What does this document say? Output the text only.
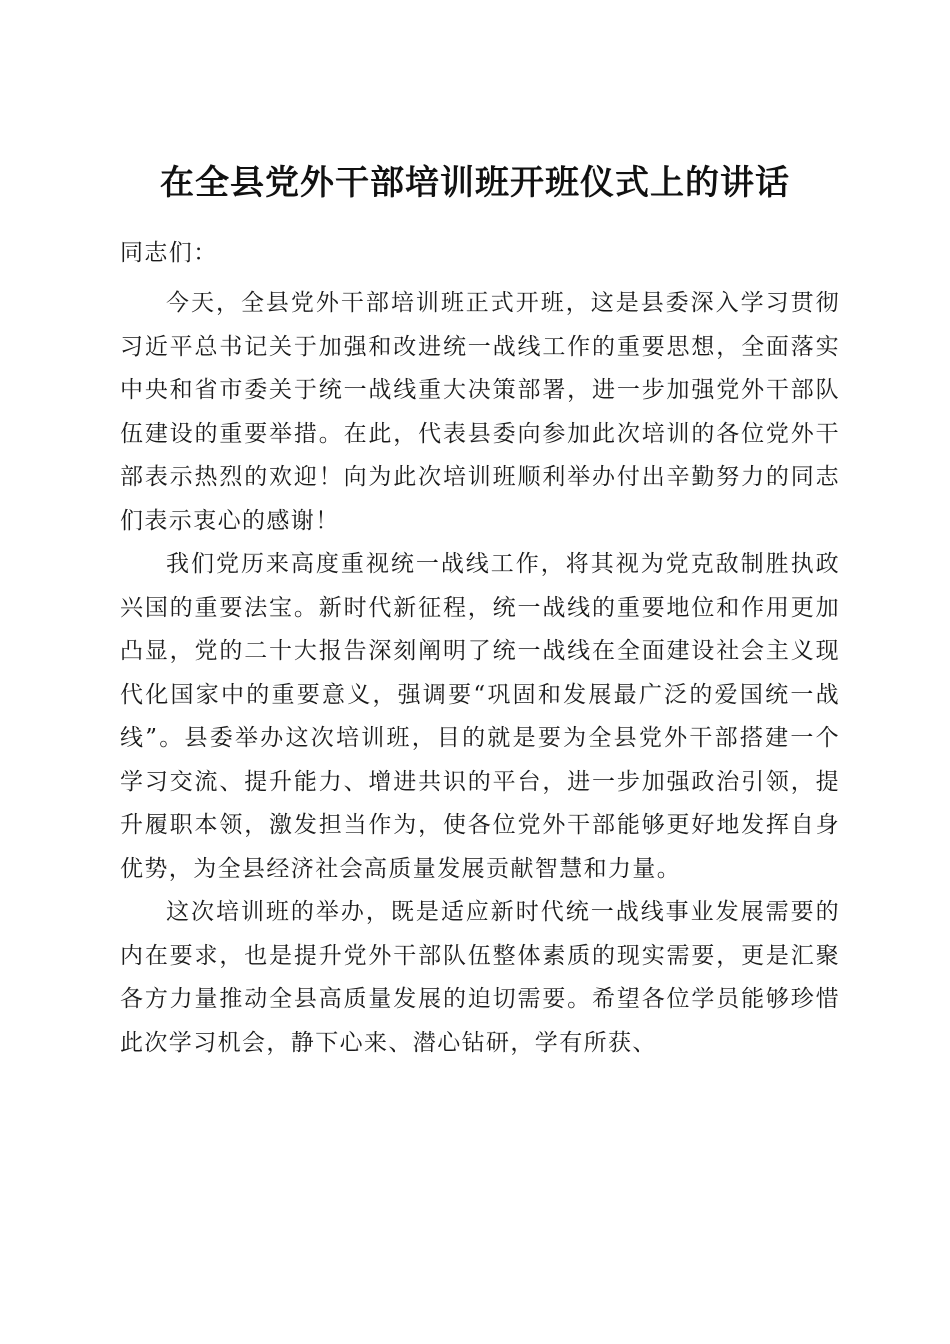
在全县党外干部培训班开班仪式上的讲话

同志们：

今天，全县党外干部培训班正式开班，这是县委深入学习贯彻习近平总书记关于加强和改进统一战线工作的重要思想，全面落实中央和省市委关于统一战线重大决策部署，进一步加强党外干部队伍建设的重要举措。在此，代表县委向参加此次培训的各位党外干部表示热烈的欢迎！向为此次培训班顺利举办付出辛勤努力的同志们表示衷心的感谢！

我们党历来高度重视统一战线工作，将其视为党克敌制胜执政兴国的重要法宝。新时代新征程，统一战线的重要地位和作用更加凸显，党的二十大报告深刻阐明了统一战线在全面建设社会主义现代化国家中的重要意义，强调要“巩固和发展最广泛的爱国统一战线”。县委举办这次培训班，目的就是要为全县党外干部搭建一个学习交流、提升能力、增进共识的平台，进一步加强政治引领，提升履职本领，激发担当作为，使各位党外干部能够更好地发挥自身优势，为全县经济社会高质量发展贡献智慧和力量。

这次培训班的举办，既是适应新时代统一战线事业发展需要的内在要求，也是提升党外干部队伍整体素质的现实需要，更是汇聚各方力量推动全县高质量发展的迫切需要。希望各位学员能够珍惜此次学习机会，静下心来、潜心钻研，学有所获、
